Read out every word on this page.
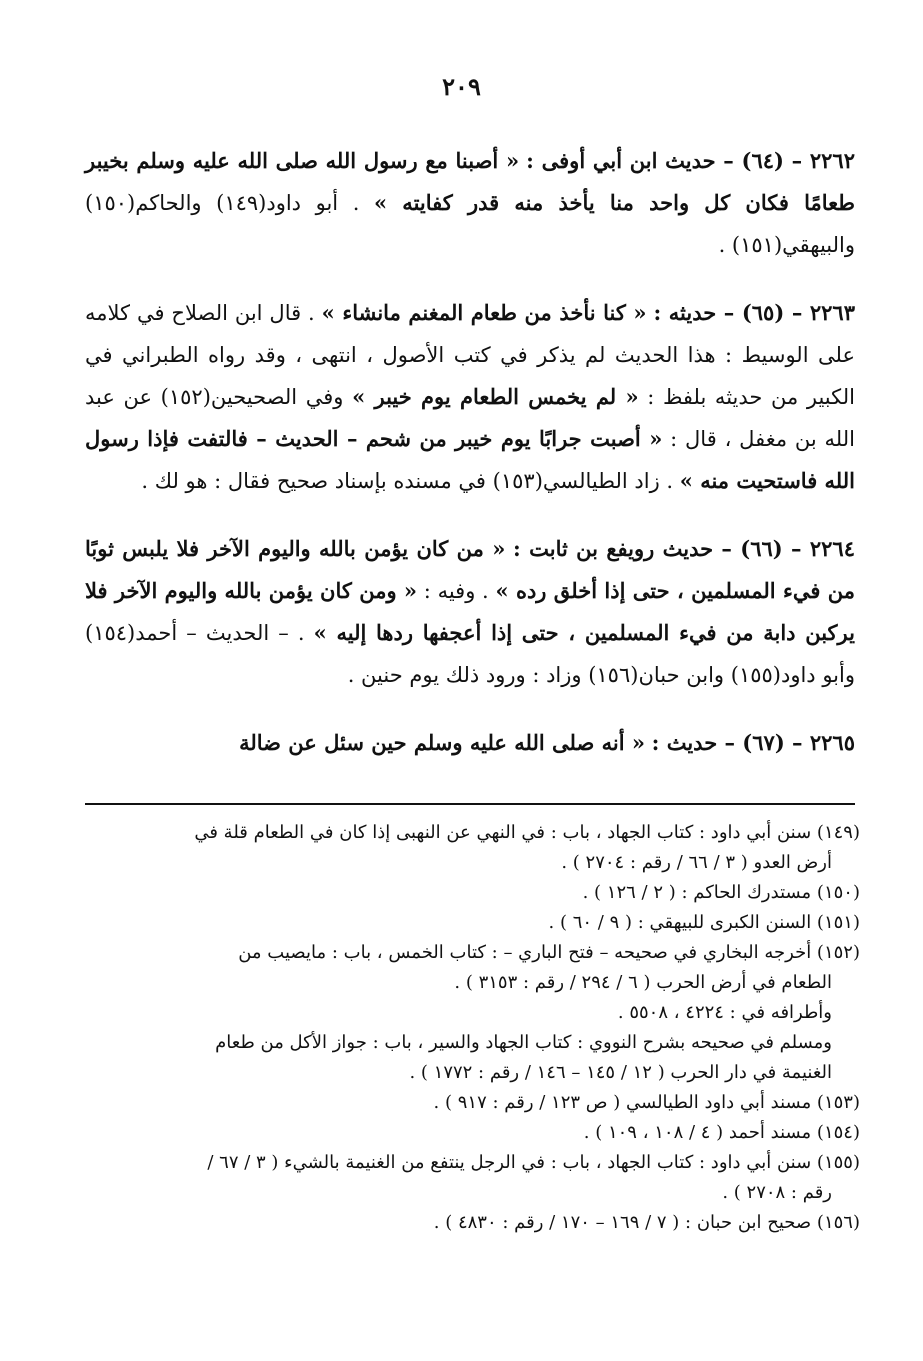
٢٠٩

٢٢٦٢ – (٦٤) – حديث ابن أبي أوفى : « أصبنا مع رسول الله صلى الله عليه وسلم بخيبر طعامًا فكان كل واحد منا يأخذ منه قدر كفايته » . أبو داود(١٤٩) والحاكم(١٥٠) والبيهقي(١٥١) .

٢٢٦٣ – (٦٥) – حديثه : « كنا نأخذ من طعام المغنم مانشاء » . قال ابن الصلاح في كلامه على الوسيط : هذا الحديث لم يذكر في كتب الأصول ، انتهى ، وقد رواه الطبراني في الكبير من حديثه بلفظ : « لم يخمس الطعام يوم خيبر » وفي الصحيحين(١٥٢) عن عبد الله بن مغفل ، قال : « أصبت جرابًا يوم خيبر من شحم – الحديث – فالتفت فإذا رسول الله فاستحيت منه » . زاد الطيالسي(١٥٣) في مسنده بإسناد صحيح فقال : هو لك .

٢٢٦٤ – (٦٦) – حديث رويفع بن ثابت : « من كان يؤمن بالله واليوم الآخر فلا يلبس ثوبًا من فيء المسلمين ، حتى إذا أخلق رده » . وفيه : « ومن كان يؤمن بالله واليوم الآخر فلا يركبن دابة من فيء المسلمين ، حتى إذا أعجفها ردها إليه » . – الحديث – أحمد(١٥٤) وأبو داود(١٥٥) وابن حبان(١٥٦) وزاد : ورود ذلك يوم حنين .

٢٢٦٥ – (٦٧) – حديث : « أنه صلى الله عليه وسلم حين سئل عن ضالة

(١٤٩) سنن أبي داود : كتاب الجهاد ، باب : في النهي عن النهبى إذا كان في الطعام قلة في

أرض العدو ( ٣ / ٦٦ / رقم : ٢٧٠٤ ) .

(١٥٠) مستدرك الحاكم : ( ٢ / ١٢٦ ) .

(١٥١) السنن الكبرى للبيهقي : ( ٩ / ٦٠ ) .

(١٥٢) أخرجه البخاري في صحيحه – فتح الباري – : كتاب الخمس ، باب : مايصيب من

الطعام في أرض الحرب ( ٦ / ٢٩٤ / رقم : ٣١٥٣ ) .

وأطرافه في : ٤٢٢٤ ، ٥٥٠٨ .

ومسلم في صحيحه بشرح النووي : كتاب الجهاد والسير ، باب : جواز الأكل من طعام

الغنيمة في دار الحرب ( ١٢ / ١٤٥ – ١٤٦ / رقم : ١٧٧٢ ) .

(١٥٣) مسند أبي داود الطيالسي ( ص ١٢٣ / رقم : ٩١٧ ) .

(١٥٤) مسند أحمد ( ٤ / ١٠٨ ، ١٠٩ ) .

(١٥٥) سنن أبي داود : كتاب الجهاد ، باب : في الرجل ينتفع من الغنيمة بالشيء ( ٣ / ٦٧ /

رقم : ٢٧٠٨ ) .

(١٥٦) صحيح ابن حبان : ( ٧ / ١٦٩ – ١٧٠ / رقم : ٤٨٣٠ ) .
